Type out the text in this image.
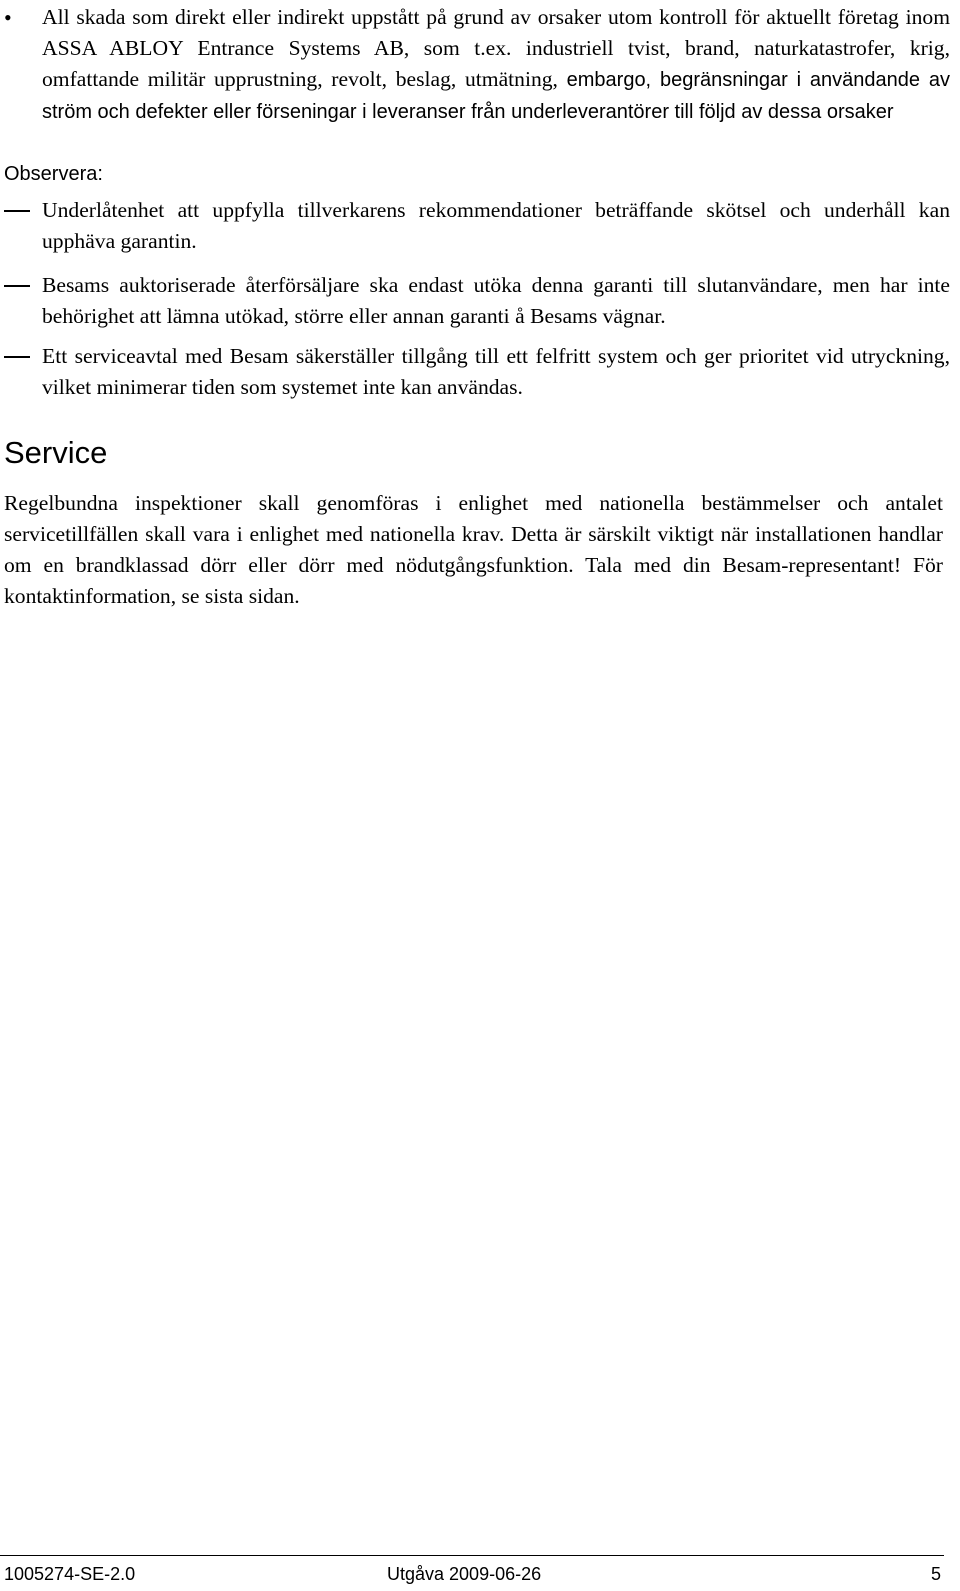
•	All skada som direkt eller indirekt uppstått på grund av orsaker utom kontroll för aktuellt företag inom ASSA ABLOY Entrance Systems AB, som t.ex. industriell tvist, brand, naturkatastrofer, krig, omfattande militär upprustning, revolt, beslag, utmätning, embargo, begränsningar i användande av ström och defekter eller förseningar i leveranser från underleverantörer till följd av dessa orsaker
Observera:
Underlåtenhet att uppfylla tillverkarens rekommendationer beträffande skötsel och underhåll kan upphäva garantin.
Besams auktoriserade återförsäljare ska endast utöka denna garanti till slutanvändare, men har inte behörighet att lämna utökad, större eller annan garanti å Besams vägnar.
Ett serviceavtal med Besam säkerställer tillgång till ett felfritt system och ger prioritet vid utryckning, vilket minimerar tiden som systemet inte kan användas.
Service

Regelbundna inspektioner skall genomföras i enlighet med nationella bestämmelser och antalet servicetillfällen skall vara i enlighet med nationella krav. Detta är särskilt viktigt när installationen handlar om en brandklassad dörr eller dörr med nödutgångsfunktion. Tala med din Besam-representant! För kontaktinformation, se sista sidan.

1005274-SE-2.0	Utgåva 2009-06-26	5
